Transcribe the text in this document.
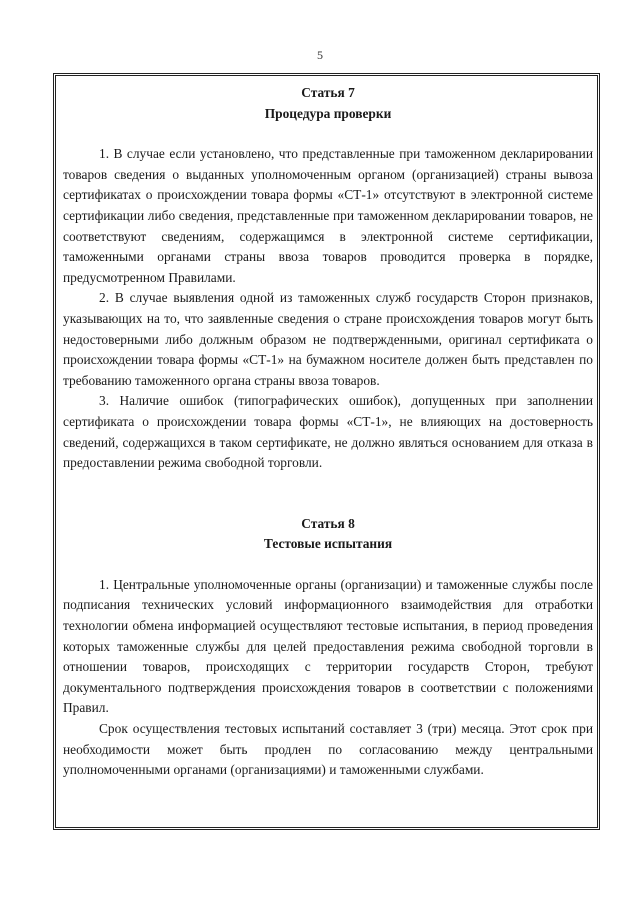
5

Статья 7

Процедура проверки

1. В случае если установлено, что представленные при таможенном декларировании товаров сведения о выданных уполномоченным органом (организацией) страны вывоза сертификатах о происхождении товара формы «СТ-1» отсутствуют в электронной системе сертификации либо сведения, представленные при таможенном декларировании товаров, не соответствуют сведениям, содержащимся в электронной системе сертификации, таможенными органами страны ввоза товаров проводится проверка в порядке, предусмотренном Правилами.

2. В случае выявления одной из таможенных служб государств Сторон признаков, указывающих на то, что заявленные сведения о стране происхождения товаров могут быть недостоверными либо должным образом не подтвержденными, оригинал сертификата о происхождении товара формы «СТ-1» на бумажном носителе должен быть представлен по требованию таможенного органа страны ввоза товаров.

3. Наличие ошибок (типографических ошибок), допущенных при заполнении сертификата о происхождении товара формы «СТ-1», не влияющих на достоверность сведений, содержащихся в таком сертификате, не должно являться основанием для отказа в предоставлении режима свободной торговли.

Статья 8

Тестовые испытания

1. Центральные уполномоченные органы (организации) и таможенные службы после подписания технических условий информационного взаимодействия для отработки технологии обмена информацией осуществляют тестовые испытания, в период проведения которых таможенные службы для целей предоставления режима свободной торговли в отношении товаров, происходящих с территории государств Сторон, требуют документального подтверждения происхождения товаров в соответствии с положениями Правил.

Срок осуществления тестовых испытаний составляет 3 (три) месяца. Этот срок при необходимости может быть продлен по согласованию между центральными уполномоченными органами (организациями) и таможенными службами.
